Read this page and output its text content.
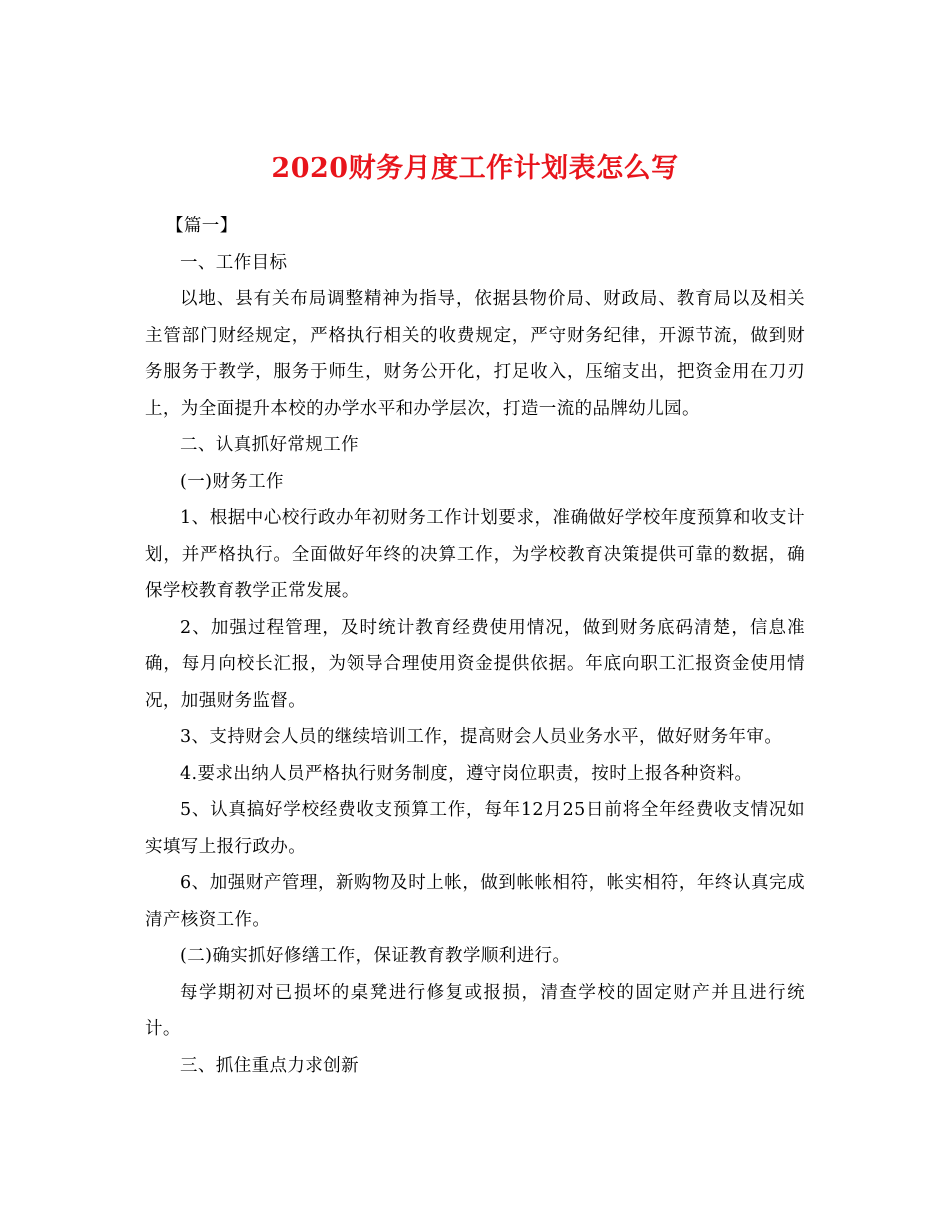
2020财务月度工作计划表怎么写

【篇一】

一、工作目标

以地、县有关布局调整精神为指导，依据县物价局、财政局、教育局以及相关主管部门财经规定，严格执行相关的收费规定，严守财务纪律，开源节流，做到财务服务于教学，服务于师生，财务公开化，打足收入，压缩支出，把资金用在刀刃上，为全面提升本校的办学水平和办学层次，打造一流的品牌幼儿园。

二、认真抓好常规工作

(一)财务工作

1、根据中心校行政办年初财务工作计划要求，准确做好学校年度预算和收支计划，并严格执行。全面做好年终的决算工作，为学校教育决策提供可靠的数据，确保学校教育教学正常发展。

2、加强过程管理，及时统计教育经费使用情况，做到财务底码清楚，信息准确，每月向校长汇报，为领导合理使用资金提供依据。年底向职工汇报资金使用情况，加强财务监督。

3、支持财会人员的继续培训工作，提高财会人员业务水平，做好财务年审。

4.要求出纳人员严格执行财务制度，遵守岗位职责，按时上报各种资料。

5、认真搞好学校经费收支预算工作，每年12月25日前将全年经费收支情况如实填写上报行政办。

6、加强财产管理，新购物及时上帐，做到帐帐相符，帐实相符，年终认真完成清产核资工作。

(二)确实抓好修缮工作，保证教育教学顺利进行。

每学期初对已损坏的桌凳进行修复或报损，清查学校的固定财产并且进行统计。

三、抓住重点力求创新
